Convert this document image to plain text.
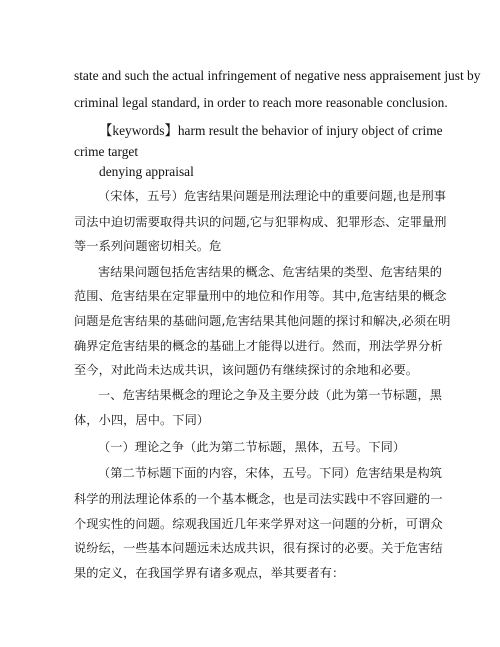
state and such the actual infringement of negative ness appraisement just by
criminal legal standard, in order to reach more reasonable conclusion.
【keywords】harm result the behavior of injury object of crime
crime target
denying appraisal
（宋体，五号）危害结果问题是刑法理论中的重要问题,也是刑事
司法中迫切需要取得共识的问题,它与犯罪构成、犯罪形态、定罪量刑
等一系列问题密切相关。危
害结果问题包括危害结果的概念、危害结果的类型、危害结果的
范围、危害结果在定罪量刑中的地位和作用等。其中,危害结果的概念
问题是危害结果的基础问题,危害结果其他问题的探讨和解决,必须在明
确界定危害结果的概念的基础上才能得以进行。然而，刑法学界分析
至今，对此尚未达成共识，该问题仍有继续探讨的余地和必要。
一、危害结果概念的理论之争及主要分歧（此为第一节标题，黑
体，小四，居中。下同）
（一）理论之争（此为第二节标题，黑体，五号。下同）
（第二节标题下面的内容，宋体，五号。下同）危害结果是构筑
科学的刑法理论体系的一个基本概念，也是司法实践中不容回避的一
个现实性的问题。综观我国近几年来学界对这一问题的分析，可谓众
说纷纭，一些基本问题远未达成共识，很有探讨的必要。关于危害结
果的定义，在我国学界有诸多观点，举其要者有：
